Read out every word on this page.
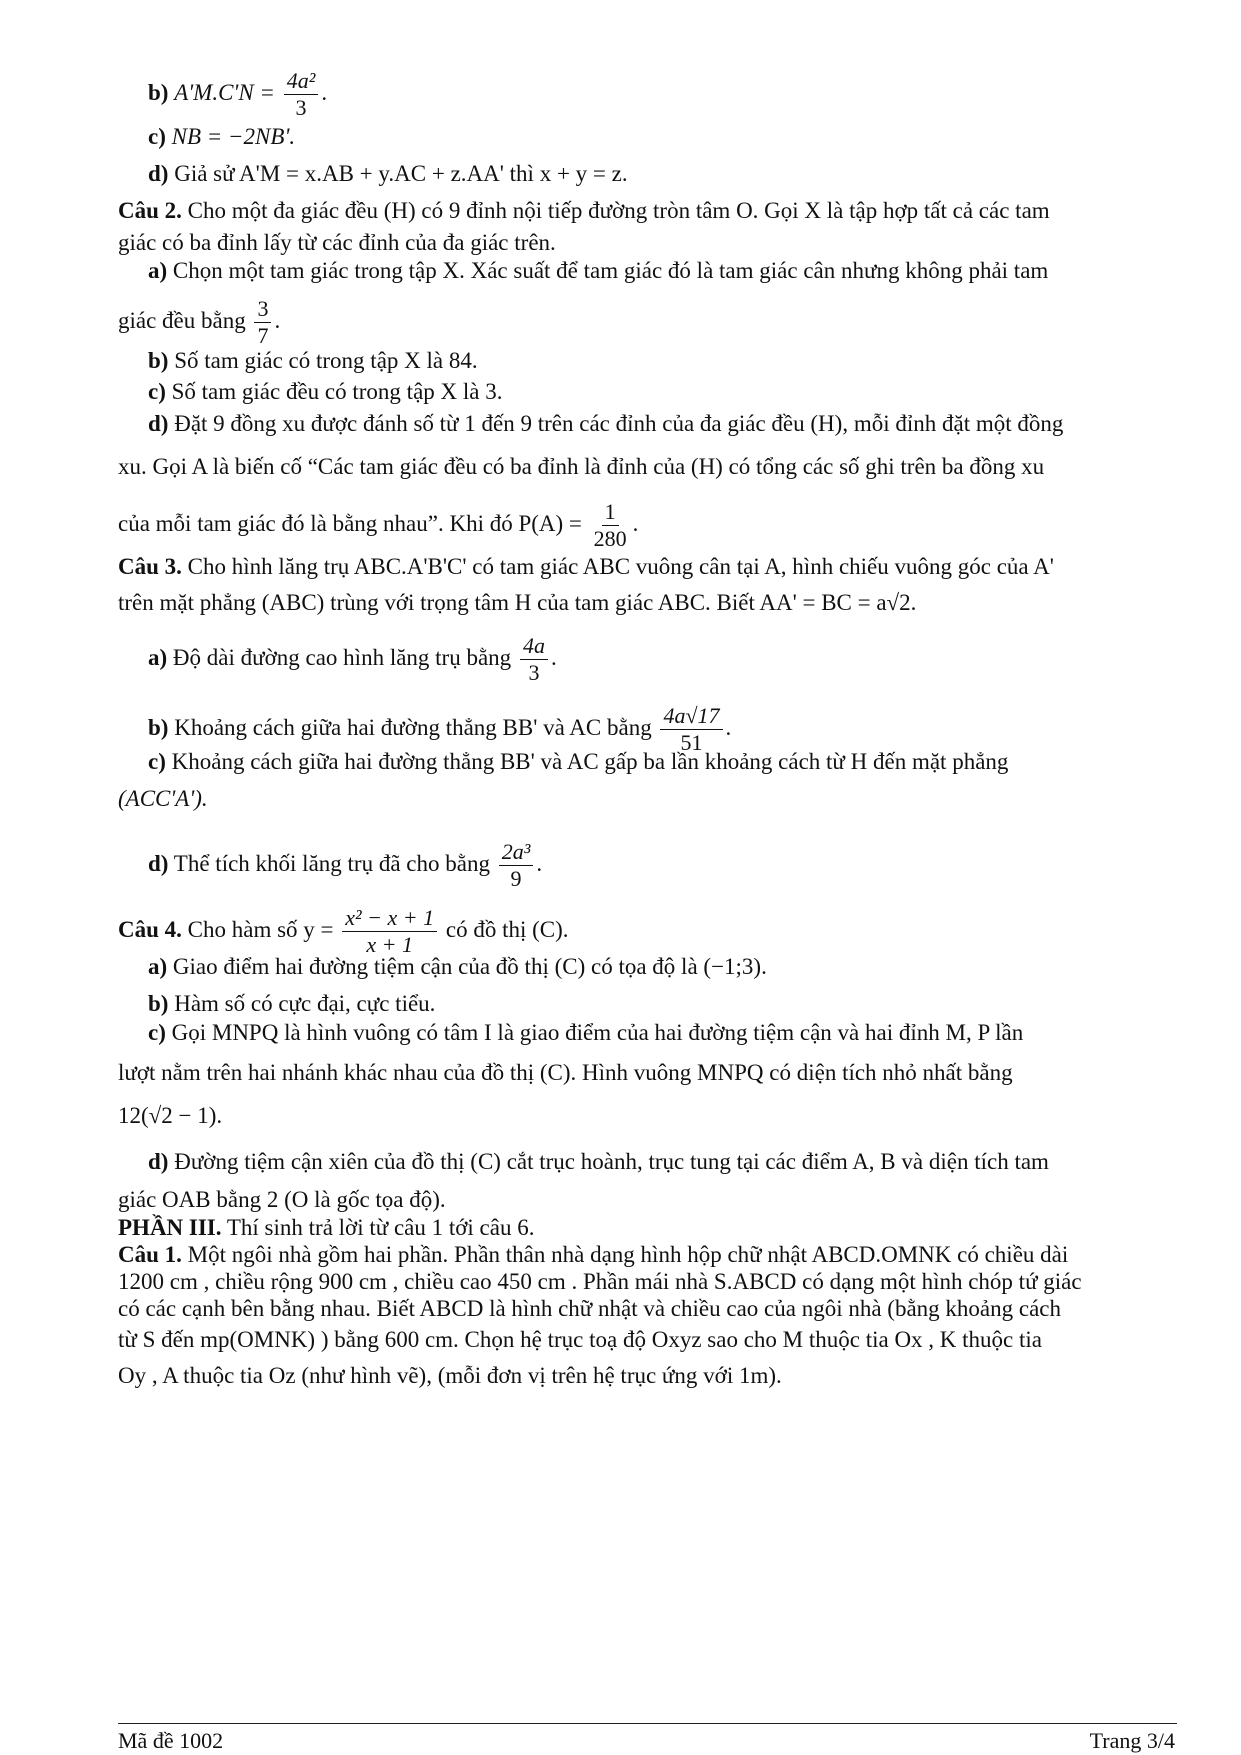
b) $A'M.C'N = \frac{\text{4a²}}{3}$ .
c) NB = −2NB'.
d) Giả sử A'M = x.AB + y.AC + z.AA' thì x + y = z.
Câu 2. Cho một đa giác đều (H) có 9 đỉnh nội tiếp đường tròn tâm O. Gọi X là tập hợp tất cả các tam
giác có ba đỉnh lấy từ các đỉnh của đa giác trên.
a) Chọn một tam giác trong tập X. Xác suất để tam giác đó là tam giác cân nhưng không phải tam
giác đều bằng $\frac{3}{7}$ .
b) Số tam giác có trong tập X là 84.
c) Số tam giác đều có trong tập X là 3.
d) Đặt 9 đồng xu được đánh số từ 1 đến 9 trên các đỉnh của đa giác đều (H), mỗi đỉnh đặt một đồng
xu. Gọi A là biến cố “Các tam giác đều có ba đỉnh là đỉnh của (H) có tổng các số ghi trên ba đồng xu
của mỗi tam giác đó là bằng nhau”. Khi đó $P(A) = \frac{1}{280}$ .
Câu 3. Cho hình lăng trụ ABC.A'B'C' có tam giác ABC vuông cân tại A, hình chiếu vuông góc của A'
trên mặt phẳng (ABC) trùng với trọng tâm H của tam giác ABC. Biết AA' = BC = a√2.
a) Độ dài đường cao hình lăng trụ bằng $\frac{4a}{3}$ .
b) Khoảng cách giữa hai đường thẳng BB' và AC bằng $\frac{4a√17}{51}$ .
c) Khoảng cách giữa hai đường thẳng BB' và AC gấp ba lần khoảng cách từ H đến mặt phẳng
(ACC'A').
d) Thể tích khối lăng trụ đã cho bằng $\frac{\text{2a³}}{9}$ .
Câu 4. Cho hàm số $y = \frac{\text{x² − x + 1}}{x + 1}$ có đồ thị (C).
a) Giao điểm hai đường tiệm cận của đồ thị (C) có tọa độ là (−1;3).
b) Hàm số có cực đại, cực tiểu.
c) Gọi MNPQ là hình vuông có tâm I là giao điểm của hai đường tiệm cận và hai đỉnh M, P lần
lượt nằm trên hai nhánh khác nhau của đồ thị (C). Hình vuông MNPQ có diện tích nhỏ nhất bằng
12(√2 − 1).
d) Đường tiệm cận xiên của đồ thị (C) cắt trục hoành, trục tung tại các điểm A, B và diện tích tam
giác OAB bằng 2 (O là gốc tọa độ).
PHẦN III. Thí sinh trả lời từ câu 1 tới câu 6.
Câu 1. Một ngôi nhà gồm hai phần. Phần thân nhà dạng hình hộp chữ nhật ABCD.OMNK có chiều dài
1200 cm , chiều rộng 900 cm , chiều cao 450 cm . Phần mái nhà S.ABCD có dạng một hình chóp tứ giác
có các cạnh bên bằng nhau. Biết ABCD là hình chữ nhật và chiều cao của ngôi nhà (bằng khoảng cách
từ S đến mp(OMNK) ) bằng 600 cm. Chọn hệ trục toạ độ Oxyz sao cho M thuộc tia Ox , K thuộc tia
Oy , A thuộc tia Oz (như hình vẽ), (mỗi đơn vị trên hệ trục ứng với 1m).
Mã đề 1002	Trang 3/4
